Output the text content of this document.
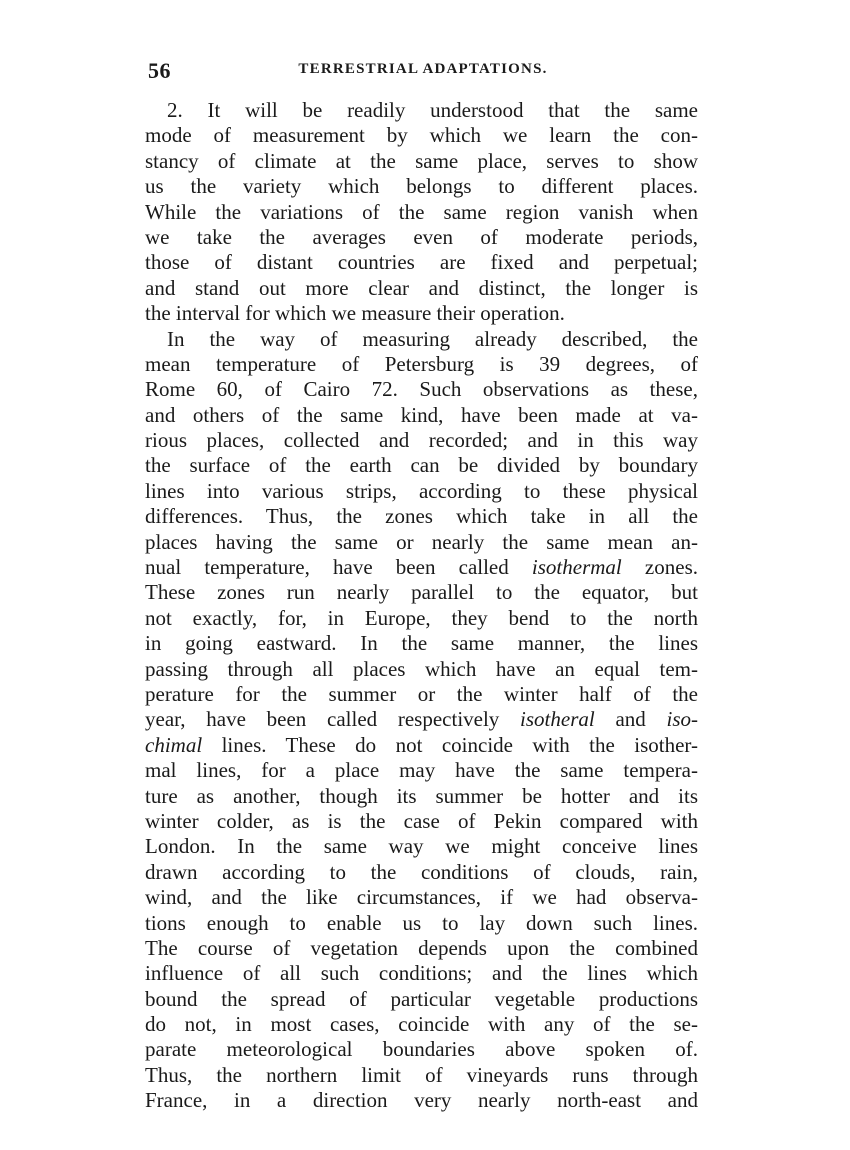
56	TERRESTRIAL ADAPTATIONS.
2. It will be readily understood that the same
mode of measurement by which we learn the con-
stancy of climate at the same place, serves to show
us the variety which belongs to different places.
While the variations of the same region vanish when
we take the averages even of moderate periods,
those of distant countries are fixed and perpetual;
and stand out more clear and distinct, the longer is
the interval for which we measure their operation.
In the way of measuring already described, the
mean temperature of Petersburg is 39 degrees, of
Rome 60, of Cairo 72. Such observations as these,
and others of the same kind, have been made at va-
rious places, collected and recorded; and in this way
the surface of the earth can be divided by boundary
lines into various strips, according to these physical
differences. Thus, the zones which take in all the
places having the same or nearly the same mean an-
nual temperature, have been called isothermal zones.
These zones run nearly parallel to the equator, but
not exactly, for, in Europe, they bend to the north
in going eastward. In the same manner, the lines
passing through all places which have an equal tem-
perature for the summer or the winter half of the
year, have been called respectively isotheral and iso-
chimal lines. These do not coincide with the isother-
mal lines, for a place may have the same tempera-
ture as another, though its summer be hotter and its
winter colder, as is the case of Pekin compared with
London. In the same way we might conceive lines
drawn according to the conditions of clouds, rain,
wind, and the like circumstances, if we had observa-
tions enough to enable us to lay down such lines.
The course of vegetation depends upon the combined
influence of all such conditions; and the lines which
bound the spread of particular vegetable productions
do not, in most cases, coincide with any of the se-
parate meteorological boundaries above spoken of.
Thus, the northern limit of vineyards runs through
France, in a direction very nearly north-east and
